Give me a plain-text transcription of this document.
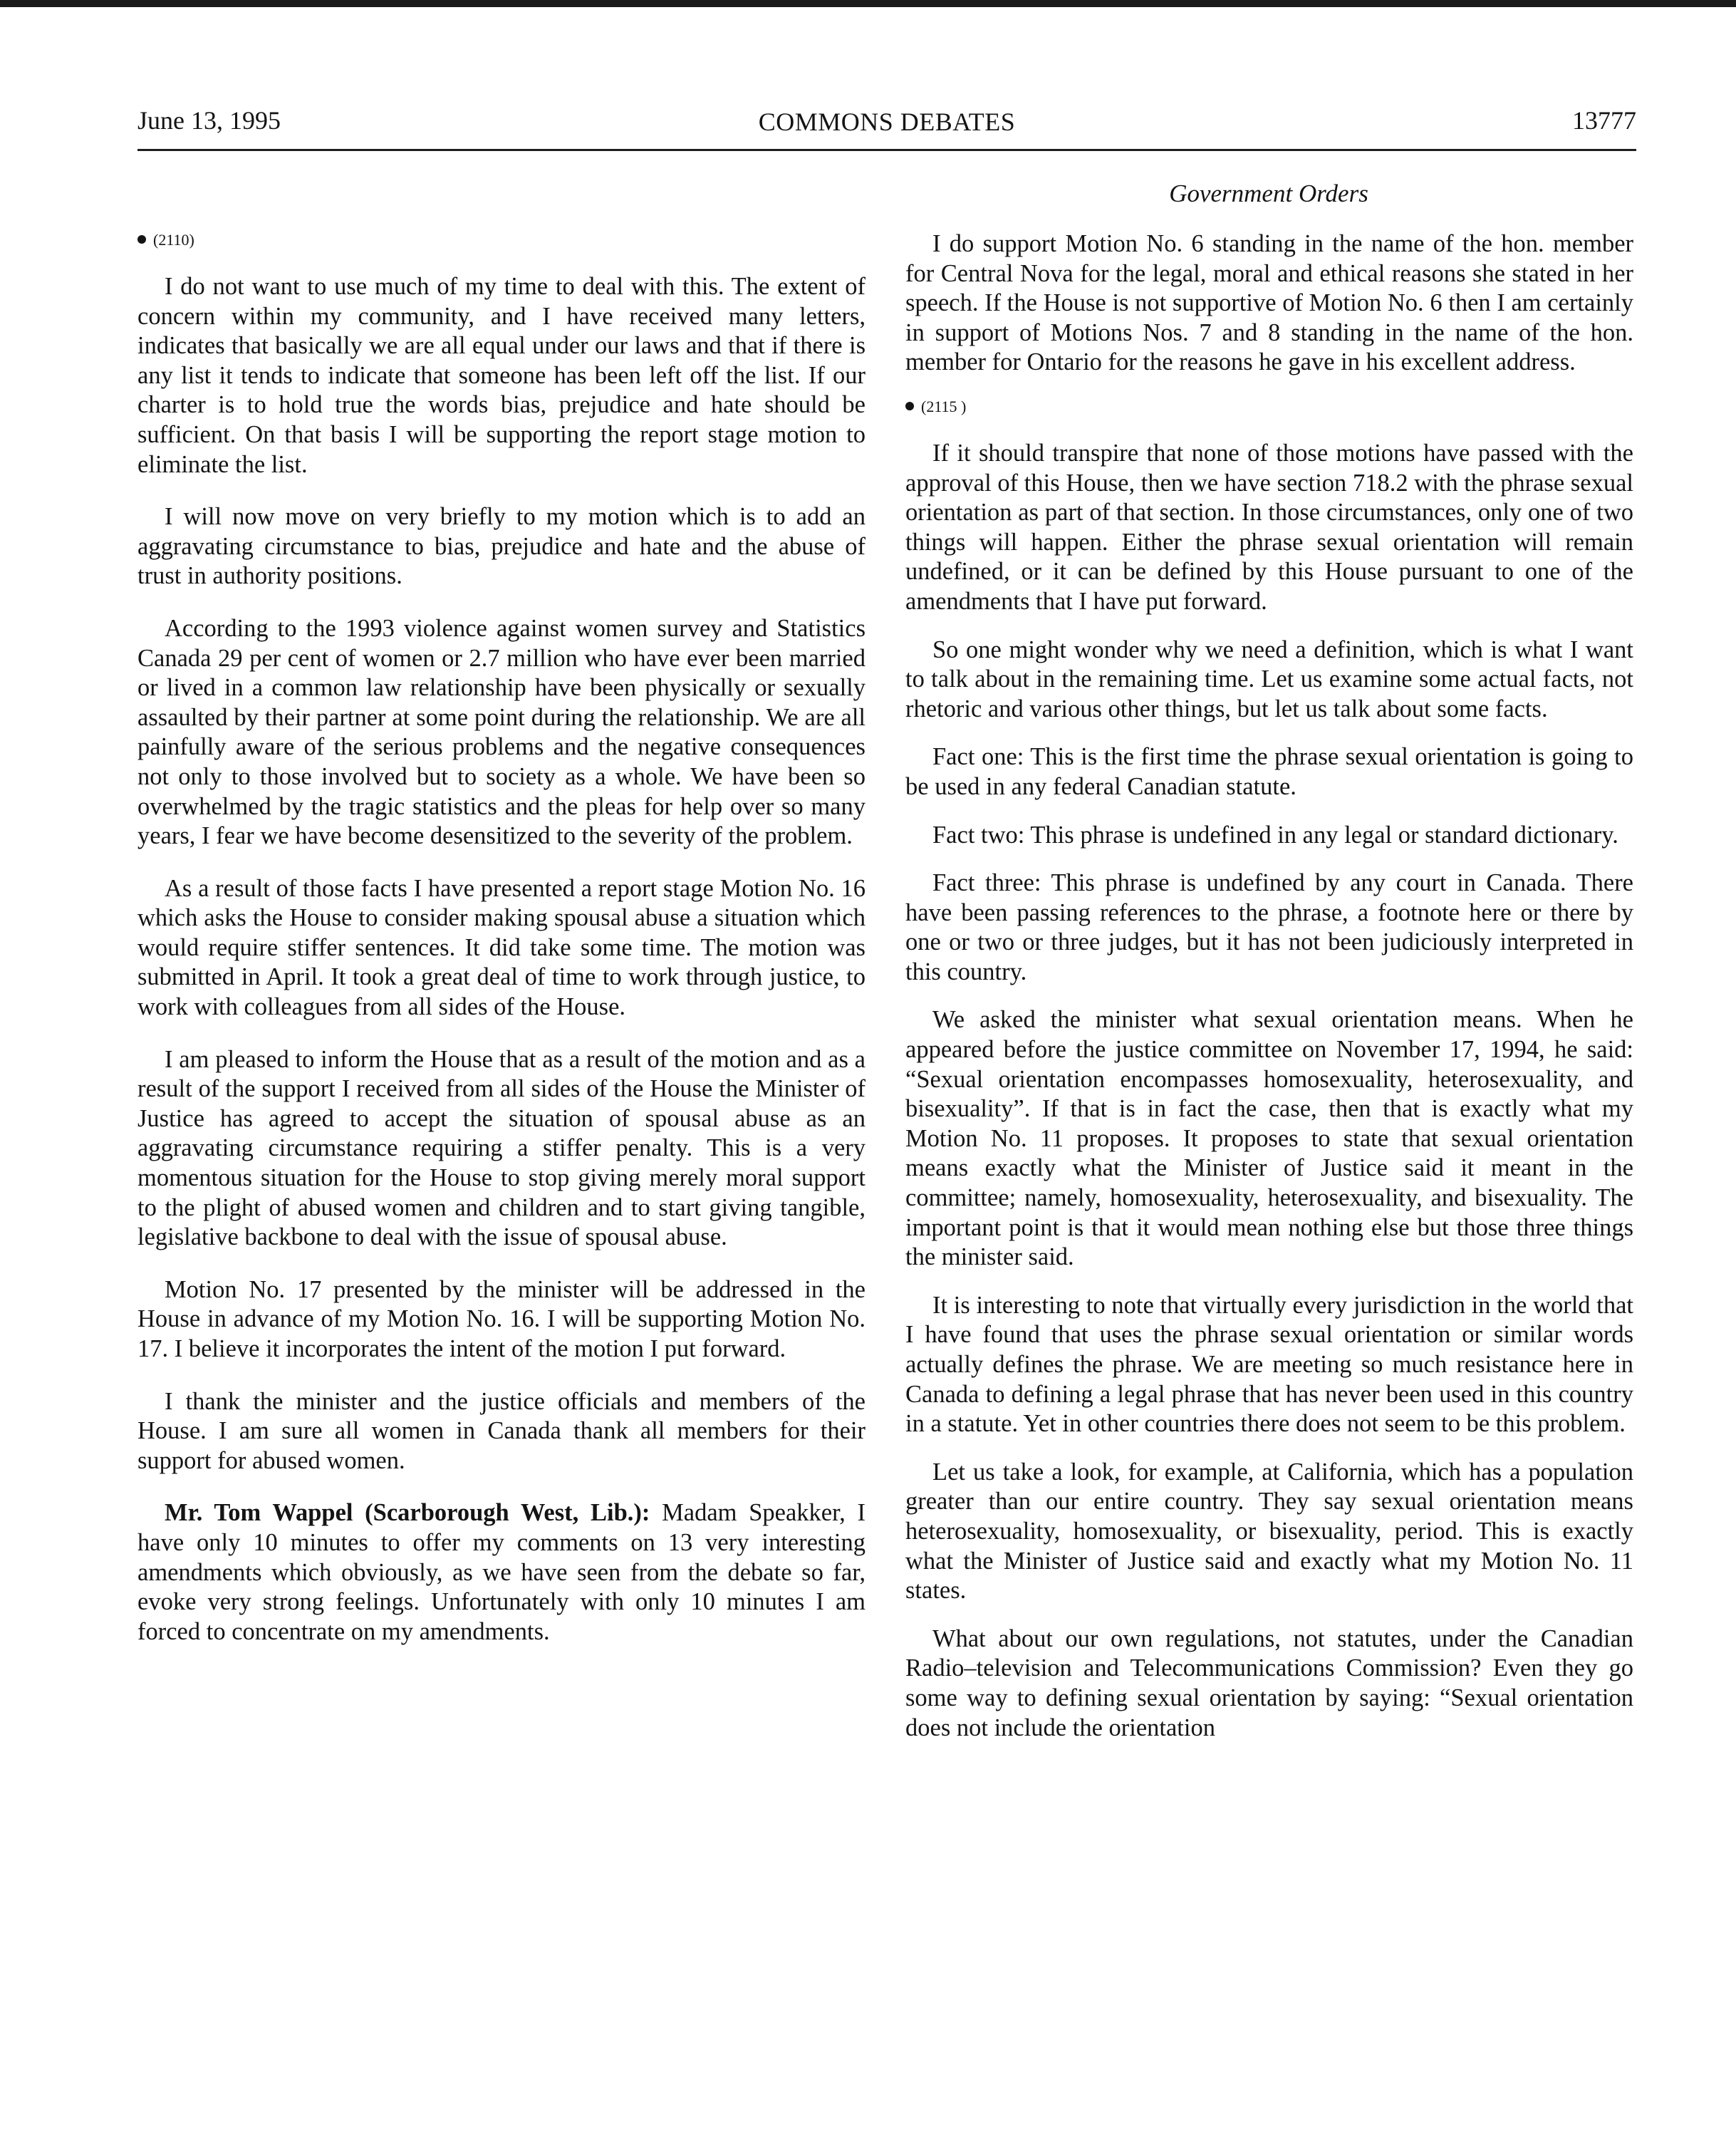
June 13, 1995	COMMONS DEBATES	13777
Government Orders
(2110)

I do not want to use much of my time to deal with this. The extent of concern within my community, and I have received many letters, indicates that basically we are all equal under our laws and that if there is any list it tends to indicate that someone has been left off the list. If our charter is to hold true the words bias, prejudice and hate should be sufficient. On that basis I will be supporting the report stage motion to eliminate the list.

I will now move on very briefly to my motion which is to add an aggravating circumstance to bias, prejudice and hate and the abuse of trust in authority positions.

According to the 1993 violence against women survey and Statistics Canada 29 per cent of women or 2.7 million who have ever been married or lived in a common law relationship have been physically or sexually assaulted by their partner at some point during the relationship. We are all painfully aware of the serious problems and the negative consequences not only to those involved but to society as a whole. We have been so overwhelmed by the tragic statistics and the pleas for help over so many years, I fear we have become desensitized to the severity of the problem.

As a result of those facts I have presented a report stage Motion No. 16 which asks the House to consider making spousal abuse a situation which would require stiffer sentences. It did take some time. The motion was submitted in April. It took a great deal of time to work through justice, to work with colleagues from all sides of the House.

I am pleased to inform the House that as a result of the motion and as a result of the support I received from all sides of the House the Minister of Justice has agreed to accept the situation of spousal abuse as an aggravating circumstance requiring a stiffer penalty. This is a very momentous situation for the House to stop giving merely moral support to the plight of abused women and children and to start giving tangible, legislative backbone to deal with the issue of spousal abuse.

Motion No. 17 presented by the minister will be addressed in the House in advance of my Motion No. 16. I will be supporting Motion No. 17. I believe it incorporates the intent of the motion I put forward.

I thank the minister and the justice officials and members of the House. I am sure all women in Canada thank all members for their support for abused women.

Mr. Tom Wappel (Scarborough West, Lib.): Madam Speakker, I have only 10 minutes to offer my comments on 13 very interesting amendments which obviously, as we have seen from the debate so far, evoke very strong feelings. Unfortunately with only 10 minutes I am forced to concentrate on my amendments.

I do support Motion No. 6 standing in the name of the hon. member for Central Nova for the legal, moral and ethical reasons she stated in her speech. If the House is not supportive of Motion No. 6 then I am certainly in support of Motions Nos. 7 and 8 standing in the name of the hon. member for Ontario for the reasons he gave in his excellent address.

(2115 )

If it should transpire that none of those motions have passed with the approval of this House, then we have section 718.2 with the phrase sexual orientation as part of that section. In those circumstances, only one of two things will happen. Either the phrase sexual orientation will remain undefined, or it can be defined by this House pursuant to one of the amendments that I have put forward.

So one might wonder why we need a definition, which is what I want to talk about in the remaining time. Let us examine some actual facts, not rhetoric and various other things, but let us talk about some facts.

Fact one: This is the first time the phrase sexual orientation is going to be used in any federal Canadian statute.

Fact two: This phrase is undefined in any legal or standard dictionary.

Fact three: This phrase is undefined by any court in Canada. There have been passing references to the phrase, a footnote here or there by one or two or three judges, but it has not been judiciously interpreted in this country.

We asked the minister what sexual orientation means. When he appeared before the justice committee on November 17, 1994, he said: “Sexual orientation encompasses homosexuality, heterosexuality, and bisexuality”. If that is in fact the case, then that is exactly what my Motion No. 11 proposes. It proposes to state that sexual orientation means exactly what the Minister of Justice said it meant in the committee; namely, homosexuality, heterosexuality, and bisexuality. The important point is that it would mean nothing else but those three things the minister said.

It is interesting to note that virtually every jurisdiction in the world that I have found that uses the phrase sexual orientation or similar words actually defines the phrase. We are meeting so much resistance here in Canada to defining a legal phrase that has never been used in this country in a statute. Yet in other countries there does not seem to be this problem.

Let us take a look, for example, at California, which has a population greater than our entire country. They say sexual orientation means heterosexuality, homosexuality, or bisexuality, period. This is exactly what the Minister of Justice said and exactly what my Motion No. 11 states.

What about our own regulations, not statutes, under the Canadian Radio–television and Telecommunications Commission? Even they go some way to defining sexual orientation by saying: “Sexual orientation does not include the orientation
